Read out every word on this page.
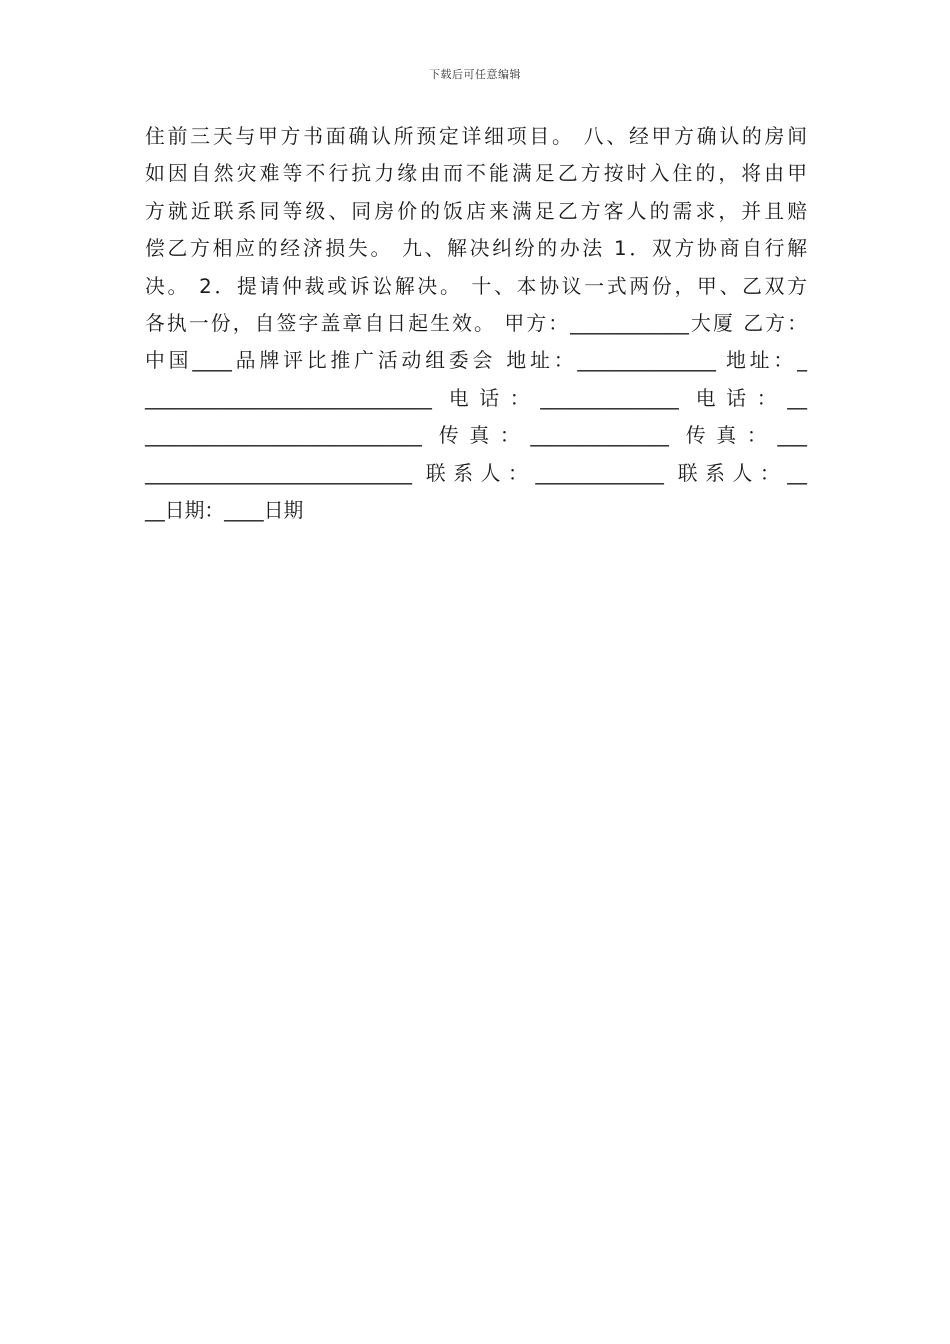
下载后可任意编辑
住前三天与甲方书面确认所预定详细项目。 八、经甲方确认的房间
如因自然灾难等不行抗力缘由而不能满足乙方按时入住的，将由甲
方就近联系同等级、同房价的饭店来满足乙方客人的需求，并且赔
偿乙方相应的经济损失。 九、解决纠纷的办法 1．双方协商自行解
决。 2．提请仲裁或诉讼解决。 十、本协议一式两份，甲、乙双方
各执一份，自签字盖章自日起生效。 甲方：____________大厦 乙方：
中国____品牌评比推广活动组委会 地址：______________ 地址：_
_____________________________ 电话：______________ 电话：__
____________________________ 传真：______________ 传真：___
___________________________ 联系人：_____________ 联系人：__
__日期：____日期
